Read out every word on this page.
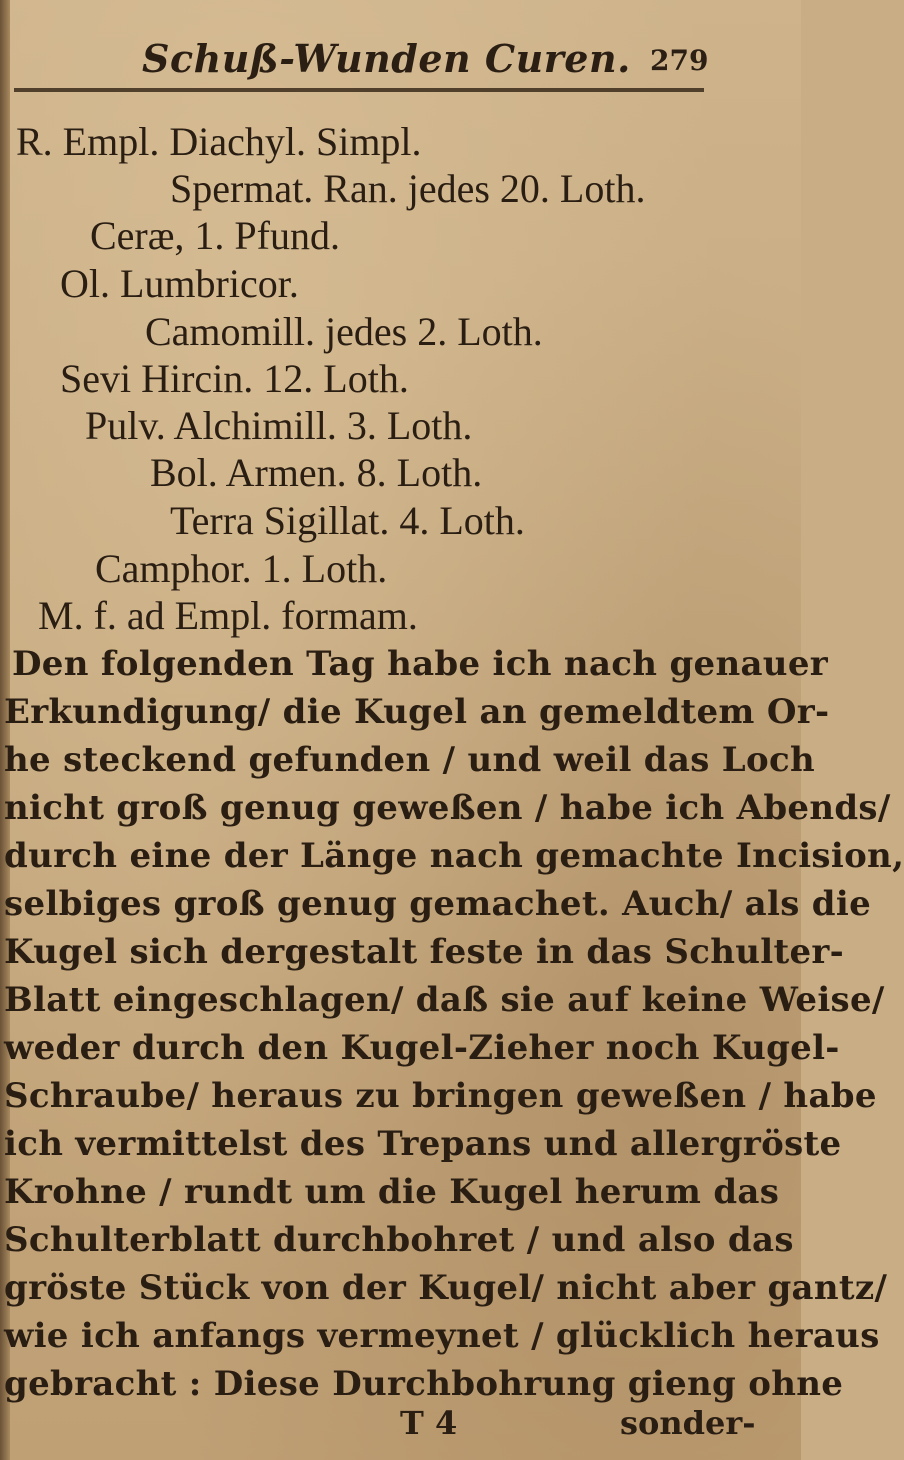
Schuß-Wunden Curen. 279
R. Empl. Diachyl. Simpl.
Spermat. Ran. jedes 20. Loth.
Ceræ, 1. Pfund.
Ol. Lumbricor.
Camomill. jedes 2. Loth.
Sevi Hircin. 12. Loth.
Pulv. Alchimill. 3. Loth.
Bol. Armen. 8. Loth.
Terra Sigillat. 4. Loth.
Camphor. 1. Loth.
M. f. ad Empl. formam.
Den folgenden Tag habe ich nach genauer
Erkundigung/ die Kugel an gemeldtem Or-
he steckend gefunden / und weil das Loch
nicht groß genug geweßen / habe ich Abends/
durch eine der Länge nach gemachte Incision,
selbiges groß genug gemachet. Auch/ als die
Kugel sich dergestalt feste in das Schulter-
Blatt eingeschlagen/ daß sie auf keine Weise/
weder durch den Kugel-Zieher noch Kugel-
Schraube/ heraus zu bringen geweßen / habe
ich vermittelst des Trepans und allergröste
Krohne / rundt um die Kugel herum das
Schulterblatt durchbohret / und also das
gröste Stück von der Kugel/ nicht aber gantz/
wie ich anfangs vermeynet / glücklich heraus
gebracht : Diese Durchbohrung gieng ohne
T 4	sonder-
